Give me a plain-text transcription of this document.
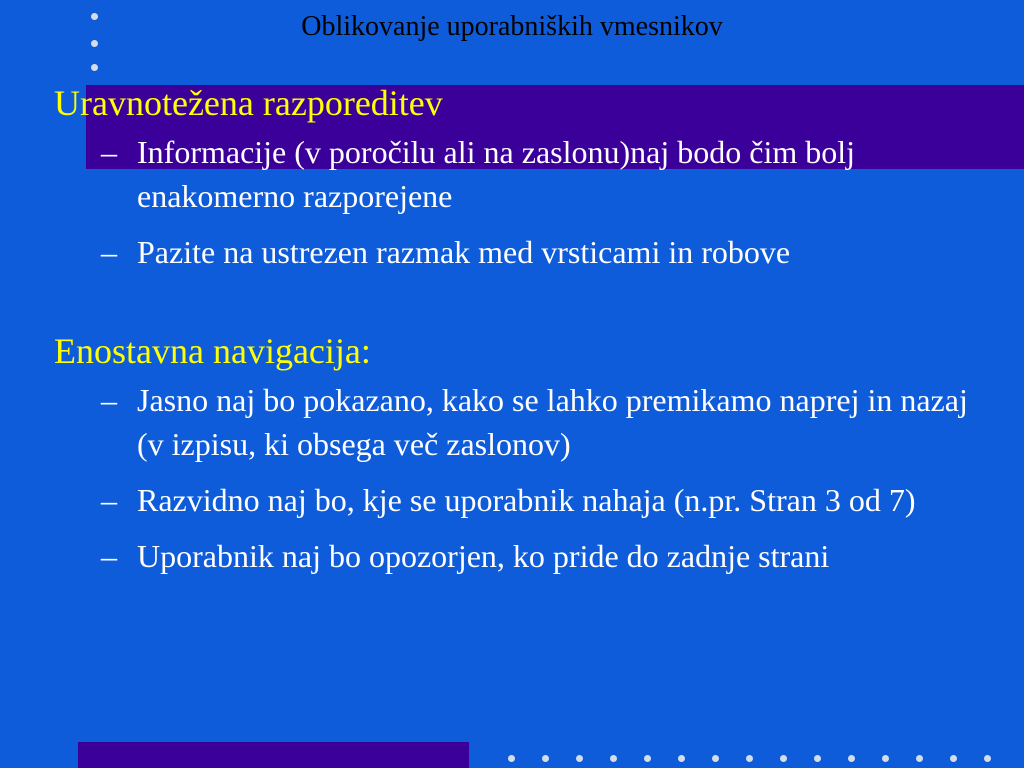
Oblikovanje uporabniških vmesnikov
Uravnotežena razporeditev
– Informacije (v poročilu ali na zaslonu)naj bodo čim bolj enakomerno razporejene
– Pazite na ustrezen razmak med vrsticami in robove
Enostavna navigacija:
– Jasno naj bo pokazano, kako se lahko premikamo naprej in nazaj (v izpisu, ki obsega več zaslonov)
– Razvidno naj bo, kje se uporabnik nahaja (n.pr. Stran 3 od 7)
– Uporabnik naj bo opozorjen, ko pride do zadnje strani
